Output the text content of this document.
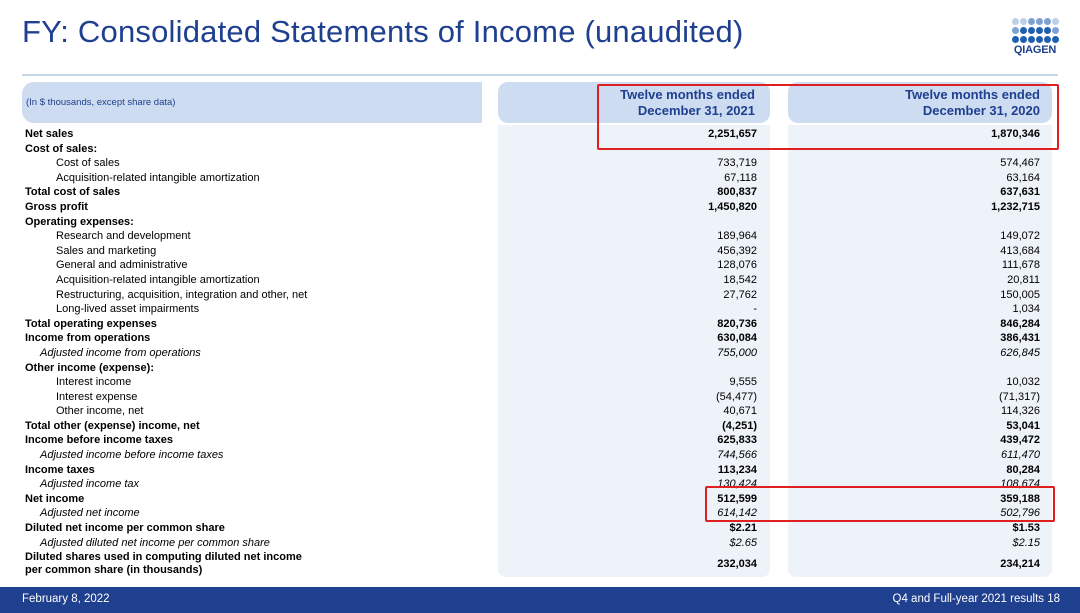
FY: Consolidated Statements of Income (unaudited)
QIAGEN
(In $ thousands, except share data)
Twelve months ended
December 31, 2021
Twelve months ended
December 31, 2020
Net sales	2,251,657	1,870,346
Cost of sales:
Cost of sales	733,719	574,467
Acquisition-related intangible amortization	67,118	63,164
Total cost of sales	800,837	637,631
Gross profit	1,450,820	1,232,715
Operating expenses:
Research and development	189,964	149,072
Sales and marketing	456,392	413,684
General and administrative	128,076	111,678
Acquisition-related intangible amortization	18,542	20,811
Restructuring, acquisition, integration and other, net	27,762	150,005
Long-lived asset impairments	-	1,034
Total operating expenses	820,736	846,284
Income from operations	630,084	386,431
Adjusted income from operations	755,000	626,845
Other income (expense):
Interest income	9,555	10,032
Interest expense	(54,477)	(71,317)
Other income, net	40,671	114,326
Total other (expense) income, net	(4,251)	53,041
Income before income taxes	625,833	439,472
Adjusted income before income taxes	744,566	611,470
Income taxes	113,234	80,284
Adjusted income tax	130,424	108,674
Net income	512,599	359,188
Adjusted net income	614,142	502,796
Diluted net income per common share	$2.21	$1.53
Adjusted diluted net income per common share	$2.65	$2.15
Diluted shares used in computing diluted net income
per common share (in thousands)	232,034	234,214
February 8, 2022	Q4 and Full-year 2021 results 18
